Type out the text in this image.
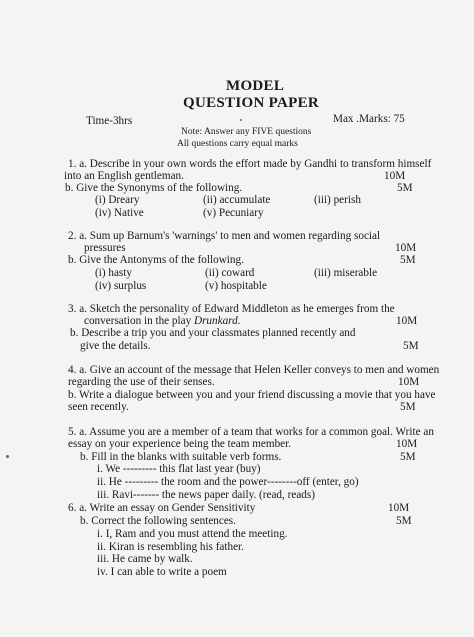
MODEL
QUESTION PAPER
Time-3hrs	Max .Marks: 75
Note: Answer any FIVE questions
All questions carry equal marks
1. a. Describe in your own words the effort made by Gandhi to transform himself
into an English gentleman.	10M
b. Give the Synonyms of the following.	5M
(i) Dreary	(ii) accumulate	(iii) perish
(iv) Native	(v) Pecuniary
2. a. Sum up Barnum's 'warnings' to men and women regarding social
pressures	10M
b. Give the Antonyms of the following.	5M
(i) hasty	(ii) coward	(iii) miserable
(iv) surplus	(v) hospitable
3. a. Sketch the personality of Edward Middleton as he emerges from the
conversation in the play Drunkard.	10M
b. Describe a trip you and your classmates planned recently and
give the details.	5M
4. a. Give an account of the message that Helen Keller conveys to men and women
regarding the use of their senses.	10M
b. Write a dialogue between you and your friend discussing a movie that you have
seen recently.	5M
5. a. Assume you are a member of a team that works for a common goal. Write an
essay on your experience being the team member.	10M
b. Fill in the blanks with suitable verb forms.	5M
i. We --------- this flat last year (buy)
ii. He --------- the room and the power--------off (enter, go)
iii. Ravi------- the news paper daily. (read, reads)
6. a. Write an essay on Gender Sensitivity	10M
b. Correct the following sentences.	5M
i. I, Ram and you must attend the meeting.
ii. Kiran is resembling his father.
iii. He came by walk.
iv. I can able to write a poem
